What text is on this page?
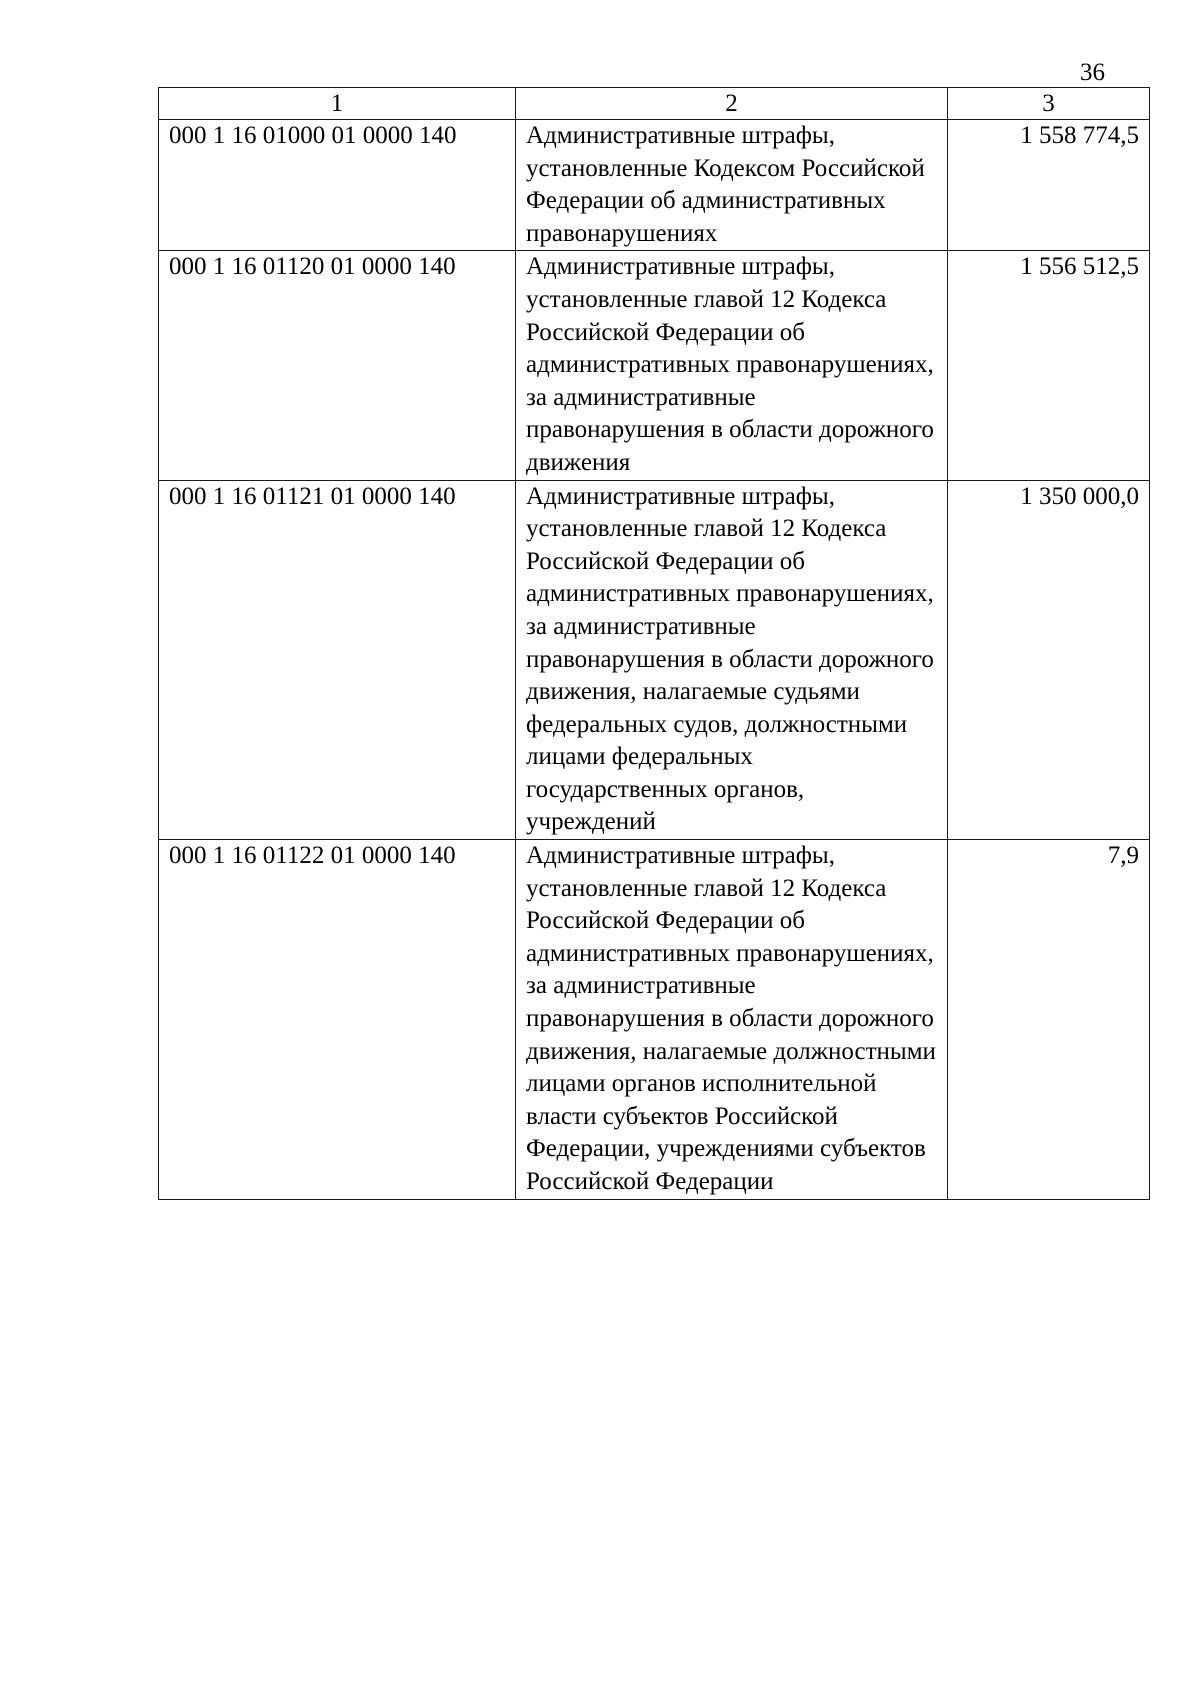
36
1	2	3
000 1 16 01000 01 0000 140	Административные штрафы, установленные Кодексом Российской Федерации об административных правонарушениях	1 558 774,5
000 1 16 01120 01 0000 140	Административные штрафы, установленные главой 12 Кодекса Российской Федерации об административных правонарушениях, за административные правонарушения в области дорожного движения	1 556 512,5
000 1 16 01121 01 0000 140	Административные штрафы, установленные главой 12 Кодекса Российской Федерации об административных правонарушениях, за административные правонарушения в области дорожного движения, налагаемые судьями федеральных судов, должностными лицами федеральных государственных органов, учреждений	1 350 000,0
000 1 16 01122 01 0000 140	Административные штрафы, установленные главой 12 Кодекса Российской Федерации об административных правонарушениях, за административные правонарушения в области дорожного движения, налагаемые должностными лицами органов исполнительной власти субъектов Российской Федерации, учреждениями субъектов Российской Федерации	7,9
